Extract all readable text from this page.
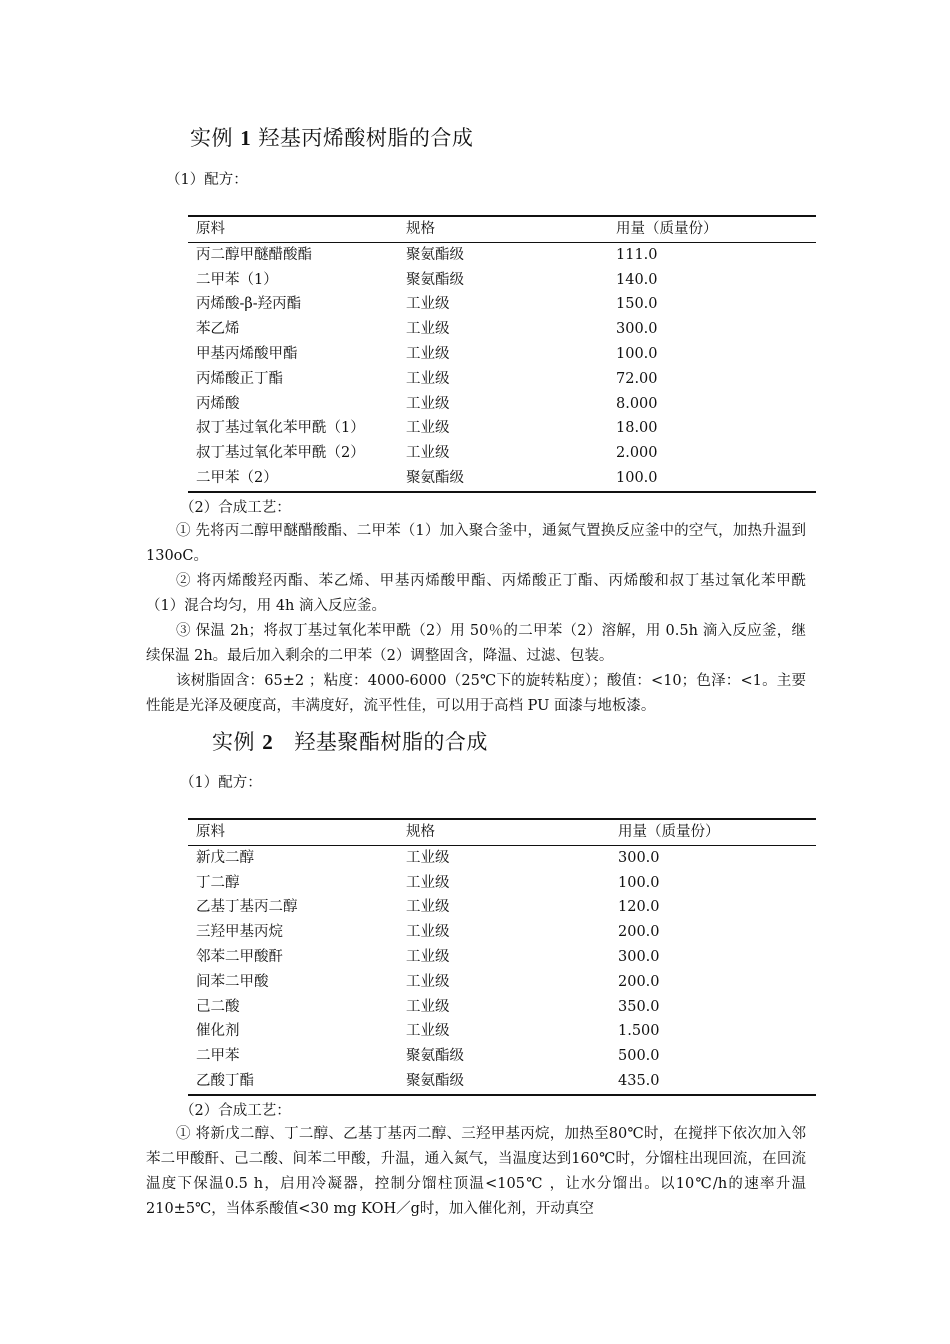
实例 1 羟基丙烯酸树脂的合成
（1）配方：
原料	规格	用量（质量份）
丙二醇甲醚醋酸酯	聚氨酯级	111.0
二甲苯（1）	聚氨酯级	140.0
丙烯酸-β-羟丙酯	工业级	150.0
苯乙烯	工业级	300.0
甲基丙烯酸甲酯	工业级	100.0
丙烯酸正丁酯	工业级	72.00
丙烯酸	工业级	8.000
叔丁基过氧化苯甲酰（1）	工业级	18.00
叔丁基过氧化苯甲酰（2）	工业级	2.000
二甲苯（2）	聚氨酯级	100.0
（2）合成工艺：

① 先将丙二醇甲醚醋酸酯、二甲苯（1）加入聚合釜中，通氮气置换反应釜中的空气，加热升温到 130oC。

② 将丙烯酸羟丙酯、苯乙烯、甲基丙烯酸甲酯、丙烯酸正丁酯、丙烯酸和叔丁基过氧化苯甲酰（1）混合均匀，用 4h 滴入反应釜。

③ 保温 2h；将叔丁基过氧化苯甲酰（2）用 50％的二甲苯（2）溶解，用 0.5h 滴入反应釜，继续保温 2h。最后加入剩余的二甲苯（2）调整固含，降温、过滤、包装。

该树脂固含：65±2 ；粘度：4000-6000（25℃下的旋转粘度）；酸值：<10；色泽：<1。主要性能是光泽及硬度高，丰满度好，流平性佳，可以用于高档 PU 面漆与地板漆。

实例 2 羟基聚酯树脂的合成
（1）配方：
原料	规格	用量（质量份）
新戊二醇	工业级	300.0
丁二醇	工业级	100.0
乙基丁基丙二醇	工业级	120.0
三羟甲基丙烷	工业级	200.0
邻苯二甲酸酐	工业级	300.0
间苯二甲酸	工业级	200.0
己二酸	工业级	350.0
催化剂	工业级	1.500
二甲苯	聚氨酯级	500.0
乙酸丁酯	聚氨酯级	435.0
（2）合成工艺：

① 将新戊二醇、丁二醇、乙基丁基丙二醇、三羟甲基丙烷，加热至80℃时，在搅拌下依次加入邻苯二甲酸酐、己二酸、间苯二甲酸，升温，通入氮气，当温度达到160℃时，分馏柱出现回流，在回流温度下保温0.5 h，启用冷凝器，控制分馏柱顶温<105℃ ，让水分馏出。以10℃/h的速率升温210±5℃，当体系酸值<30 mg KOH／g时，加入催化剂，开动真空
